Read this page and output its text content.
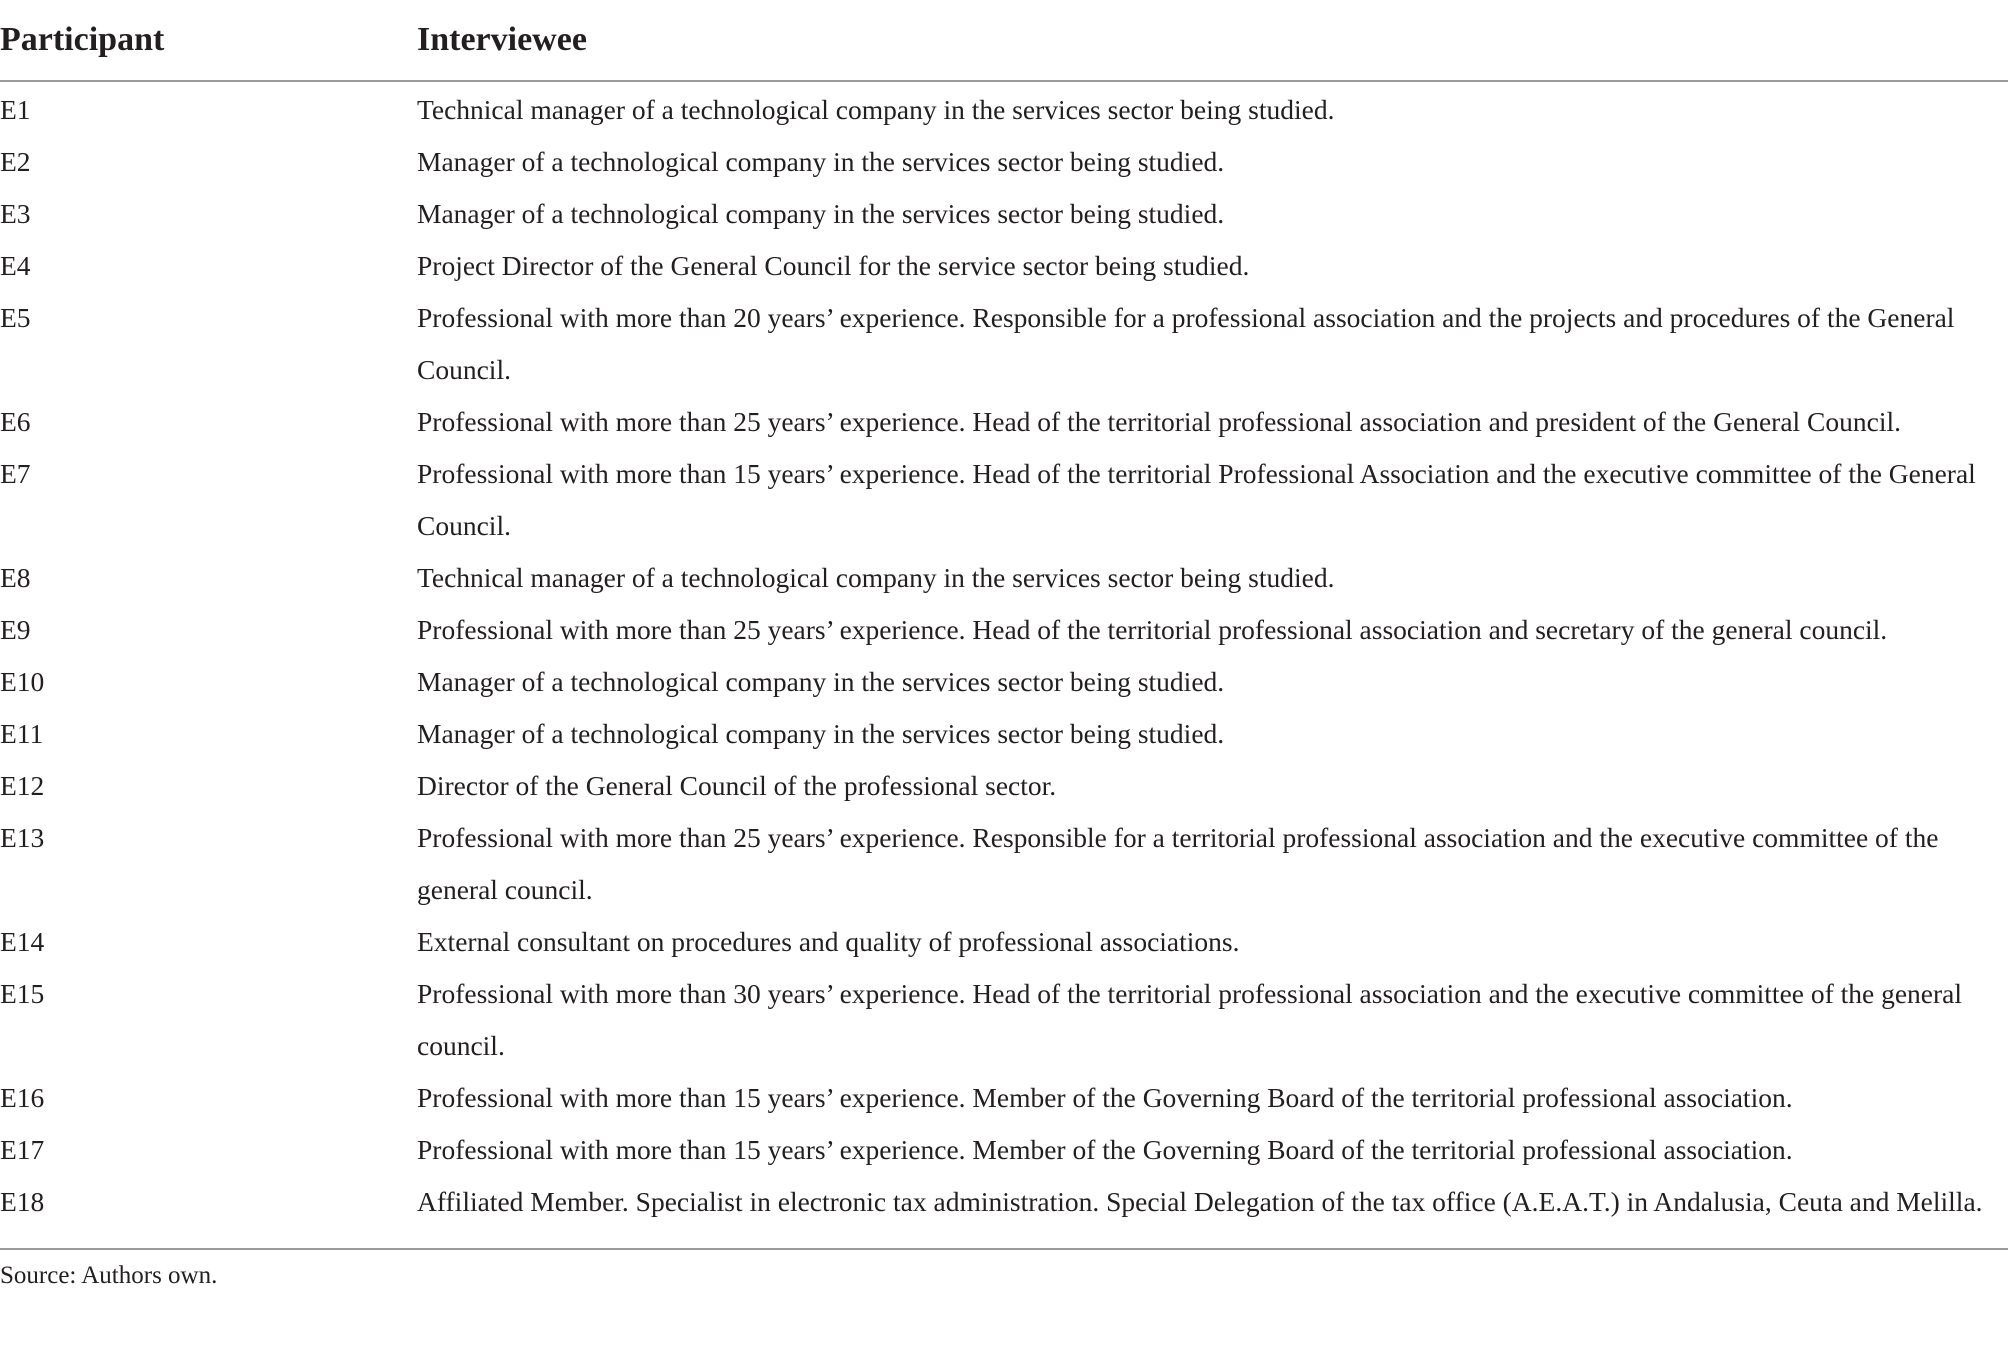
Participant	Interviewee
E1	Technical manager of a technological company in the services sector being studied.
E2	Manager of a technological company in the services sector being studied.
E3	Manager of a technological company in the services sector being studied.
E4	Project Director of the General Council for the service sector being studied.
E5	Professional with more than 20 years’ experience. Responsible for a professional association and the projects and procedures of the General Council.
E6	Professional with more than 25 years’ experience. Head of the territorial professional association and president of the General Council.
E7	Professional with more than 15 years’ experience. Head of the territorial Professional Association and the executive committee of the General Council.
E8	Technical manager of a technological company in the services sector being studied.
E9	Professional with more than 25 years’ experience. Head of the territorial professional association and secretary of the general council.
E10	Manager of a technological company in the services sector being studied.
E11	Manager of a technological company in the services sector being studied.
E12	Director of the General Council of the professional sector.
E13	Professional with more than 25 years’ experience. Responsible for a territorial professional association and the executive committee of the general council.
E14	External consultant on procedures and quality of professional associations.
E15	Professional with more than 30 years’ experience. Head of the territorial professional association and the executive committee of the general council.
E16	Professional with more than 15 years’ experience. Member of the Governing Board of the territorial professional association.
E17	Professional with more than 15 years’ experience. Member of the Governing Board of the territorial professional association.
E18	Affiliated Member. Specialist in electronic tax administration. Special Delegation of the tax office (A.E.A.T.) in Andalusia, Ceuta and Melilla.
Source: Authors own.
